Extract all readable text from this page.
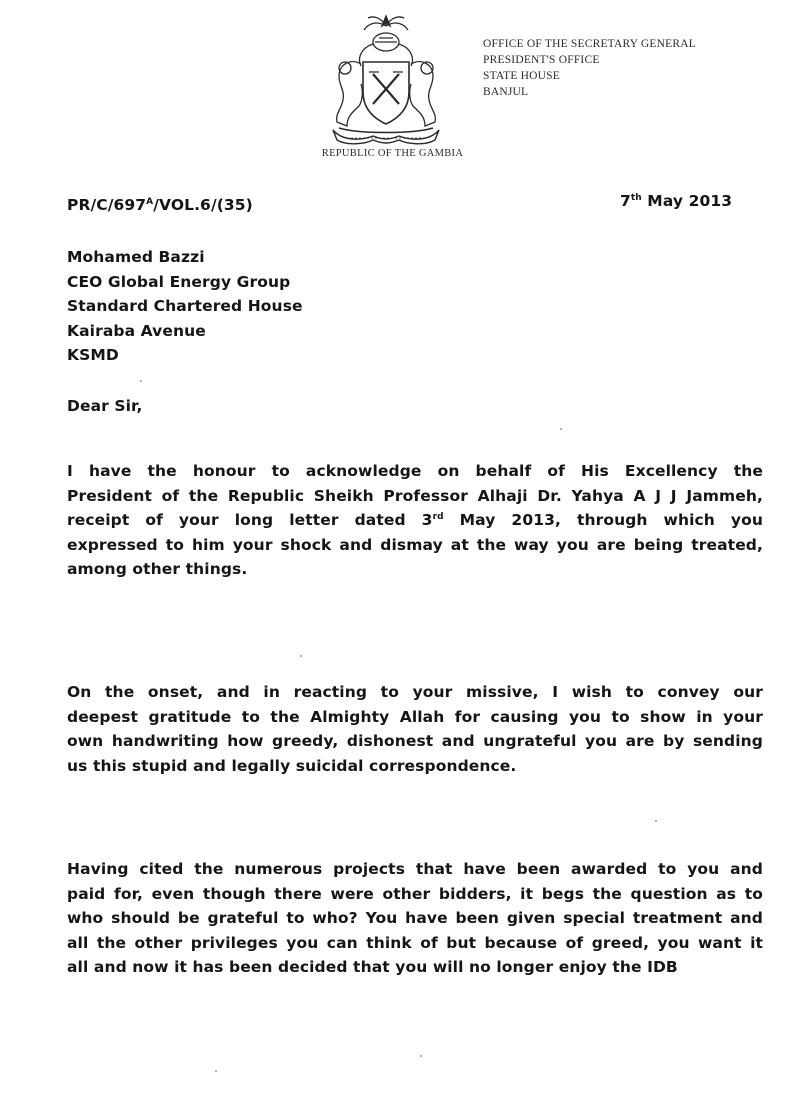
REPUBLIC OF THE GAMBIA
OFFICE OF THE SECRETARY GENERAL
PRESIDENT'S OFFICE
STATE HOUSE
BANJUL
$PR/C/697^A/VOL.6/(35)$	7th May 2013
Mohamed Bazzi
CEO Global Energy Group
Standard Chartered House
Kairaba Avenue
KSMD
Dear Sir,
I have the honour to acknowledge on behalf of His Excellency the
President of the Republic Sheikh Professor Alhaji Dr. Yahya A J J Jammeh,
receipt of your long letter dated 3rd May 2013, through which you
expressed to him your shock and dismay at the way you are being treated,
among other things.
On the onset, and in reacting to your missive, I wish to convey our
deepest gratitude to the Almighty Allah for causing you to show in your
own handwriting how greedy, dishonest and ungrateful you are by sending
us this stupid and legally suicidal correspondence.
Having cited the numerous projects that have been awarded to you and
paid for, even though there were other bidders, it begs the question as to
who should be grateful to who? You have been given special treatment and
all the other privileges you can think of but because of greed, you want it
all and now it has been decided that you will no longer enjoy the IDB
